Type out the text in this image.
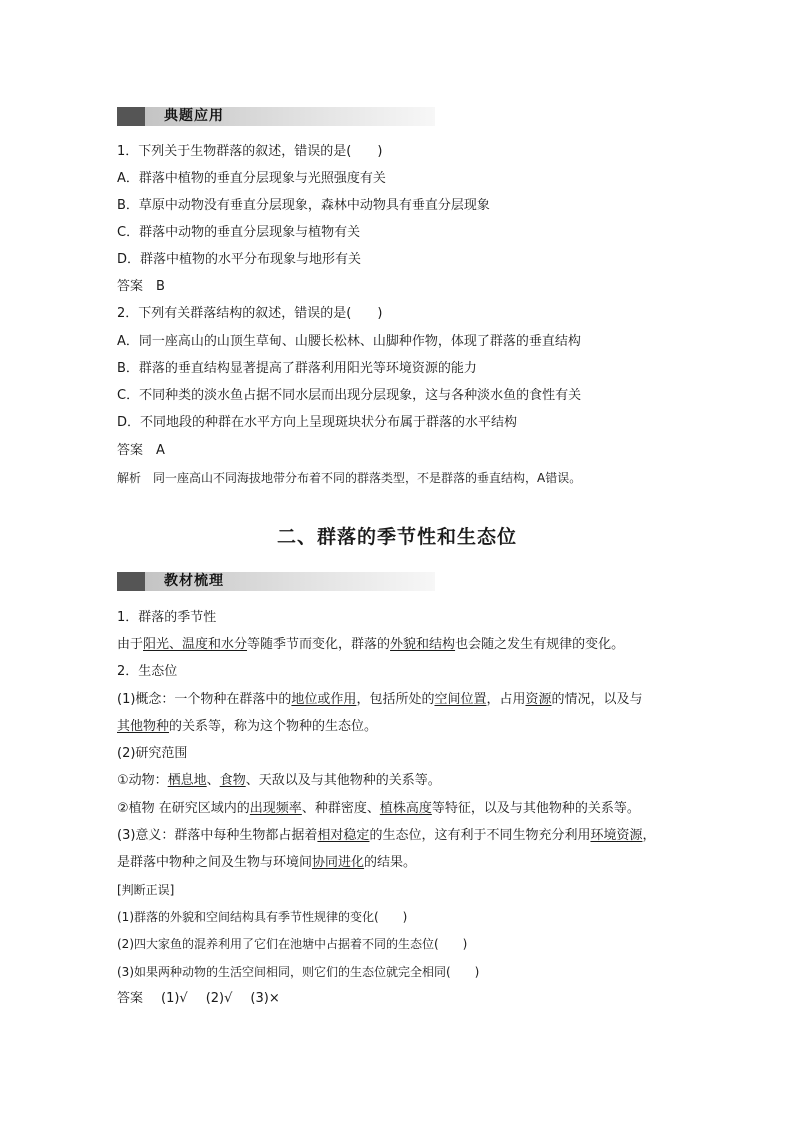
典题应用
1．下列关于生物群落的叙述，错误的是(　　)
A．群落中植物的垂直分层现象与光照强度有关
B．草原中动物没有垂直分层现象，森林中动物具有垂直分层现象
C．群落中动物的垂直分层现象与植物有关
D．群落中植物的水平分布现象与地形有关
答案　B
2．下列有关群落结构的叙述，错误的是(　　)
A．同一座高山的山顶生草甸、山腰长松林、山脚种作物，体现了群落的垂直结构
B．群落的垂直结构显著提高了群落利用阳光等环境资源的能力
C．不同种类的淡水鱼占据不同水层而出现分层现象，这与各种淡水鱼的食性有关
D．不同地段的种群在水平方向上呈现斑块状分布属于群落的水平结构
答案　A
解析　同一座高山不同海拔地带分布着不同的群落类型，不是群落的垂直结构，A错误。
二、群落的季节性和生态位
教材梳理
1．群落的季节性
由于阳光、温度和水分等随季节而变化，群落的外貌和结构也会随之发生有规律的变化。
2．生态位
(1)概念：一个物种在群落中的地位或作用，包括所处的空间位置，占用资源的情况，以及与
其他物种的关系等，称为这个物种的生态位。
(2)研究范围
①动物：栖息地、食物、天敌以及与其他物种的关系等。
②植物 在研究区域内的出现频率、种群密度、植株高度等特征，以及与其他物种的关系等。
(3)意义：群落中每种生物都占据着相对稳定的生态位，这有利于不同生物充分利用环境资源，
是群落中物种之间及生物与环境间协同进化的结果。
[判断正误]
(1)群落的外貌和空间结构具有季节性规律的变化(　　)
(2)四大家鱼的混养利用了它们在池塘中占据着不同的生态位(　　)
(3)如果两种动物的生活空间相同，则它们的生态位就完全相同(　　)
答案 (1)√ (2)√ (3)×
